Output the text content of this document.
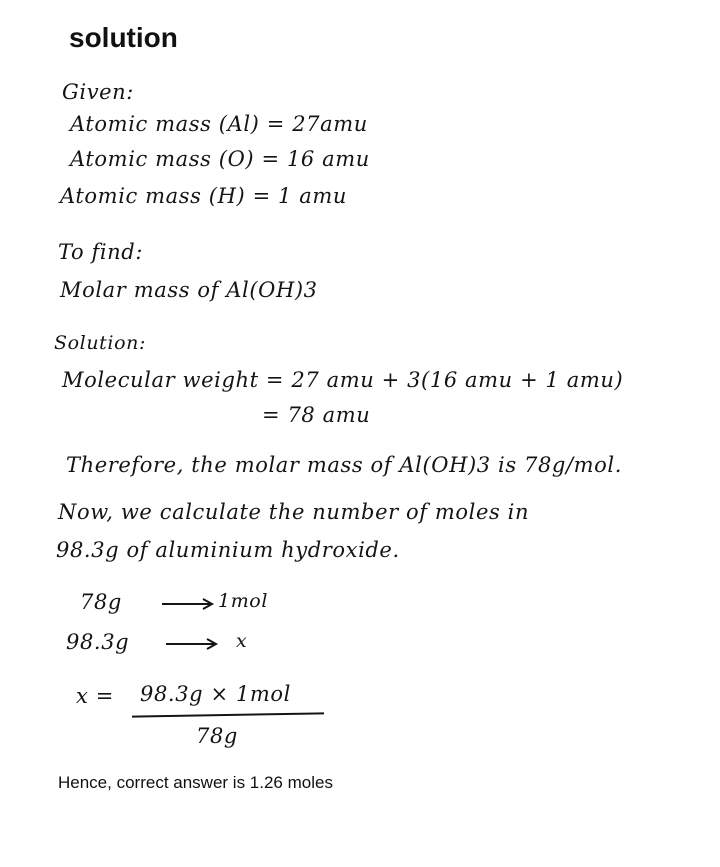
solution
Given:
Atomic mass (Al) = 27amu
Atomic mass (O) = 16 amu
Atomic mass (H) = 1 amu
To find:
Molar mass of Al(OH)3
Solution:
Molecular weight = 27 amu + 3(16 amu + 1 amu)
= 78 amu
Therefore, the molar mass of Al(OH)3 is 78g/mol.
Now, we calculate the number of moles in
98.3g of aluminium hydroxide.
78g	1mol
98.3g	x
x = 98.3g × 1mol
78g
Hence, correct answer is 1.26 moles
